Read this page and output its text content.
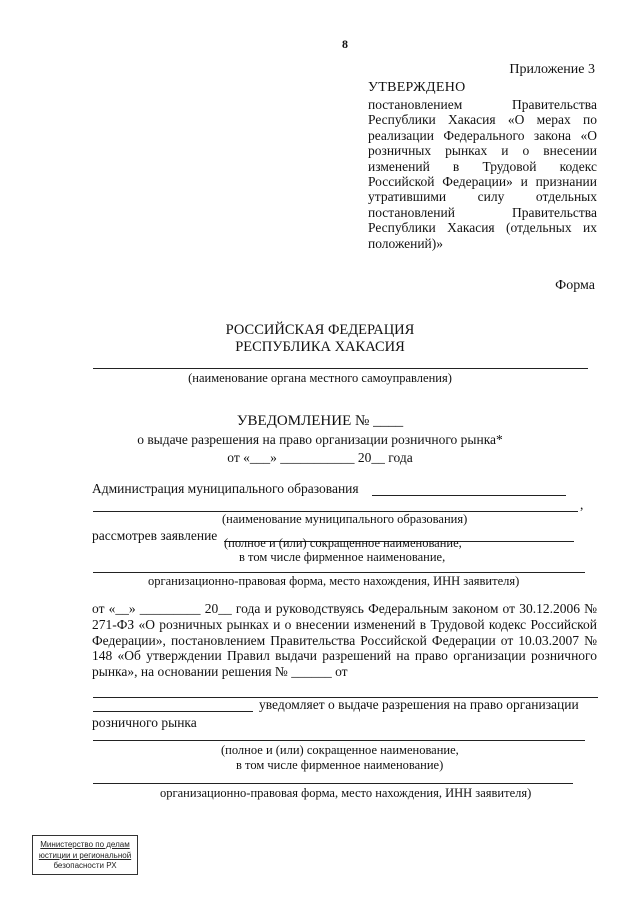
8
Приложение 3
УТВЕРЖДЕНО
постановлением Правительства Республики Хакасия «О мерах по реализации Федерального закона «О розничных рынках и о внесении изменений в Трудовой кодекс Российской Федерации» и признании утратившими силу отдельных постановлений Правительства Республики Хакасия (отдельных их положений)»
Форма
РОССИЙСКАЯ ФЕДЕРАЦИЯ
РЕСПУБЛИКА ХАКАСИЯ
(наименование органа местного самоуправления)
УВЕДОМЛЕНИЕ № ____
о выдаче разрешения на право организации розничного рынка*
от «___» ___________ 20__ года
Администрация муниципального образования
,
(наименование муниципального образования)
рассмотрев заявление (полное и (или) сокращенное наименование,
в том числе фирменное наименование,
организационно-правовая форма, место нахождения, ИНН заявителя)
от «__» _________ 20__ года и руководствуясь Федеральным законом от 30.12.2006 № 271-ФЗ «О розничных рынках и о внесении изменений в Трудовой кодекс Российской Федерации», постановлением Правительства Российской Федерации от 10.03.2007 № 148 «Об утверждении Правил выдачи разрешений на право организации розничного рынка», на основании решения № ______ от
уведомляет о выдаче разрешения на право организации
розничного рынка
(полное и (или) сокращенное наименование,
в том числе фирменное наименование)
организационно-правовая форма, место нахождения, ИНН заявителя)
Министерство по делам
юстиции и региональной
безопасности РХ
